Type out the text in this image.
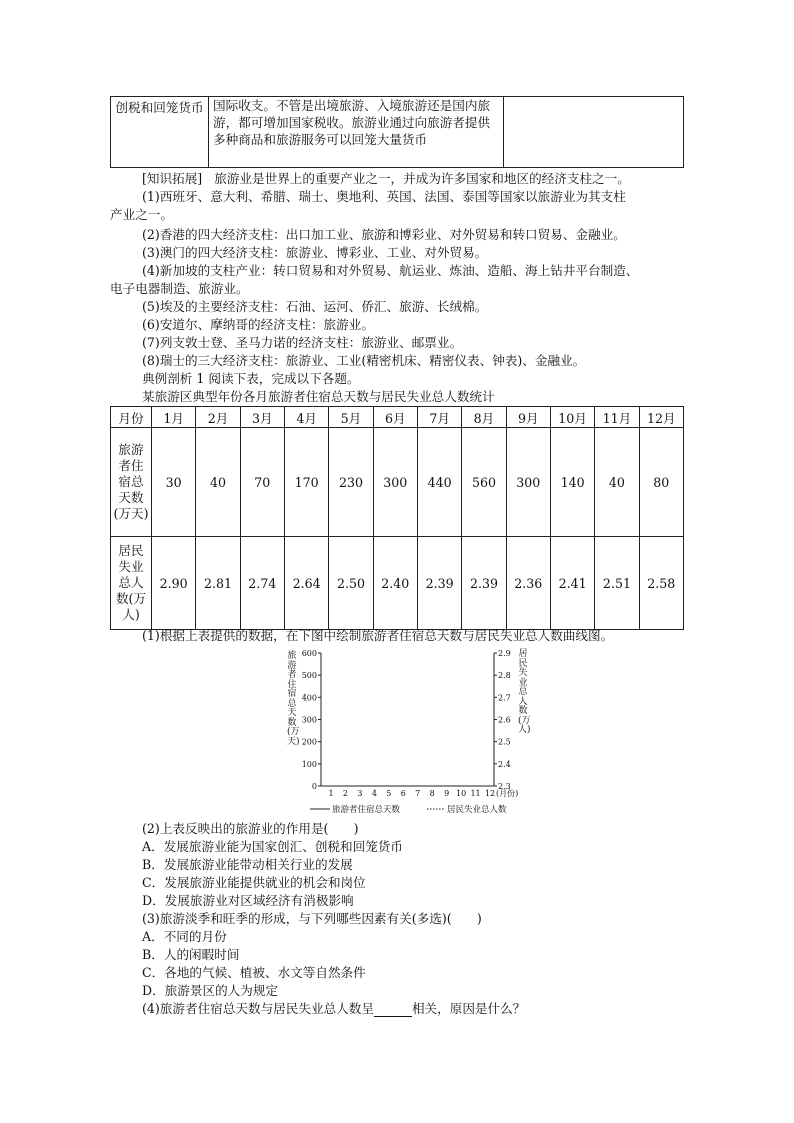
创税和回笼货币	国际收支。不管是出境旅游、入境旅游还是国内旅游，都可增加国家税收。旅游业通过向旅游者提供多种商品和旅游服务可以回笼大量货币	
[知识拓展] 旅游业是世界上的重要产业之一，并成为许多国家和地区的经济支柱之一。
(1)西班牙、意大利、希腊、瑞士、奥地利、英国、法国、泰国等国家以旅游业为其支柱
产业之一。
(2)香港的四大经济支柱：出口加工业、旅游和博彩业、对外贸易和转口贸易、金融业。
(3)澳门的四大经济支柱：旅游业、博彩业、工业、对外贸易。
(4)新加坡的支柱产业：转口贸易和对外贸易、航运业、炼油、造船、海上钻井平台制造、
电子电器制造、旅游业。
(5)埃及的主要经济支柱：石油、运河、侨汇、旅游、长绒棉。
(6)安道尔、摩纳哥的经济支柱：旅游业。
(7)列支敦士登、圣马力诺的经济支柱：旅游业、邮票业。
(8)瑞士的三大经济支柱：旅游业、工业(精密机床、精密仪表、钟表)、金融业。
典例剖析 1 阅读下表，完成以下各题。
某旅游区典型年份各月旅游者住宿总天数与居民失业总人数统计
月份	1月	2月	3月	4月	5月	6月	7月	8月	9月	10月	11月	12月
旅游者住宿总天数(万天)	30	40	70	170	230	300	440	560	300	140	40	80
居民失业总人数(万人)	2.90	2.81	2.74	2.64	2.50	2.40	2.39	2.39	2.36	2.41	2.51	2.58
(1)根据上表提供的数据，在下图中绘制旅游者住宿总天数与居民失业总人数曲线图。
旅游者住宿总天数(万天)
居民失业总人数(万人)
0
100
200
300
400
500
600
2.3
2.4
2.5
2.6
2.7
2.8
2.9
1 2 3 4 5 6 7 8 9 10 11 12 (月份)
旅游者住宿总天数	居民失业总人数
(2)上表反映出的旅游业的作用是(　　)
A．发展旅游业能为国家创汇、创税和回笼货币
B．发展旅游业能带动相关行业的发展
C．发展旅游业能提供就业的机会和岗位
D．发展旅游业对区域经济有消极影响
(3)旅游淡季和旺季的形成，与下列哪些因素有关(多选)(　　)
A．不同的月份
B．人的闲暇时间
C．各地的气候、植被、水文等自然条件
D．旅游景区的人为规定
(4)旅游者住宿总天数与居民失业总人数呈	相关，原因是什么？
